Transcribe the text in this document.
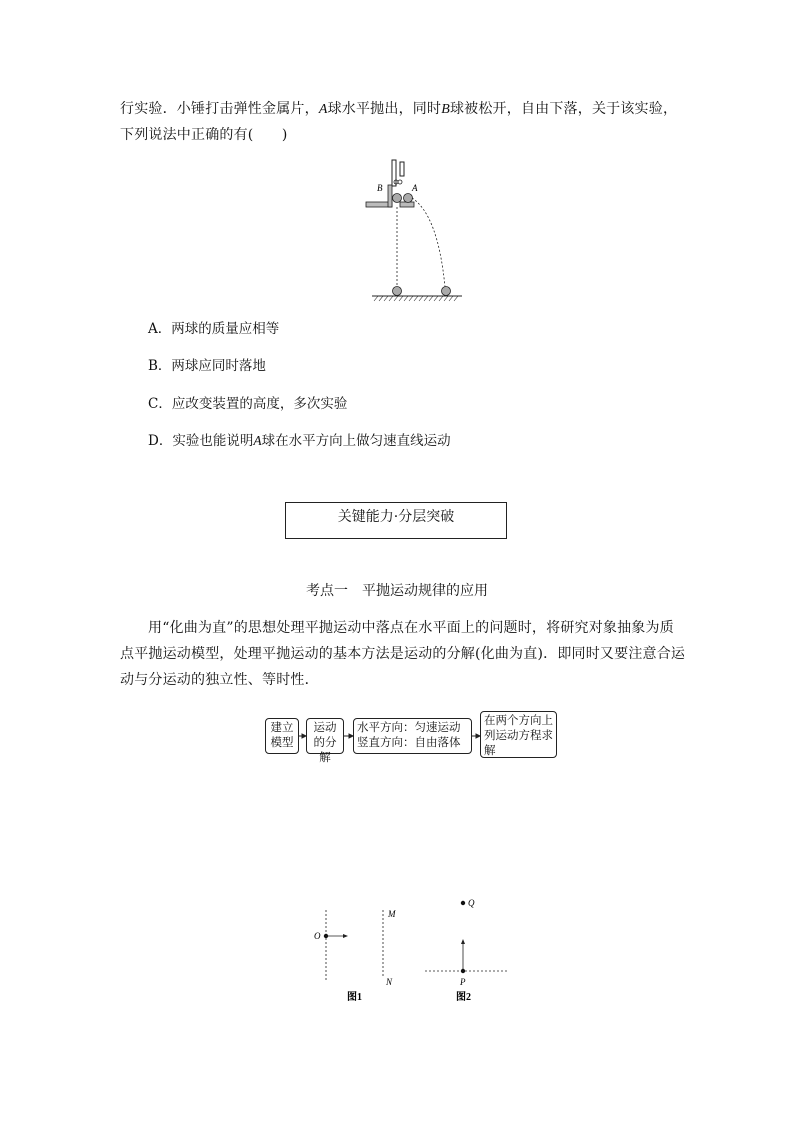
行实验．小锤打击弹性金属片，A球水平抛出，同时B球被松开，自由下落，关于该实验，
下列说法中正确的有(　　)
B	A
A．两球的质量应相等
B．两球应同时落地
C．应改变装置的高度，多次实验
D．实验也能说明A球在水平方向上做匀速直线运动
关键能力·分层突破
考点一　平抛运动规律的应用
用“化曲为直”的思想处理平抛运动中落点在水平面上的问题时，将研究对象抽象为质
点平抛运动模型，处理平抛运动的基本方法是运动的分解(化曲为直)．即同时又要注意合运
动与分运动的独立性、等时性．
建立
模型
运动
的分解
水平方向：匀速运动
竖直方向：自由落体
在两个方向上
列运动方程求
解
O
M
N
图1
Q
P
图2
